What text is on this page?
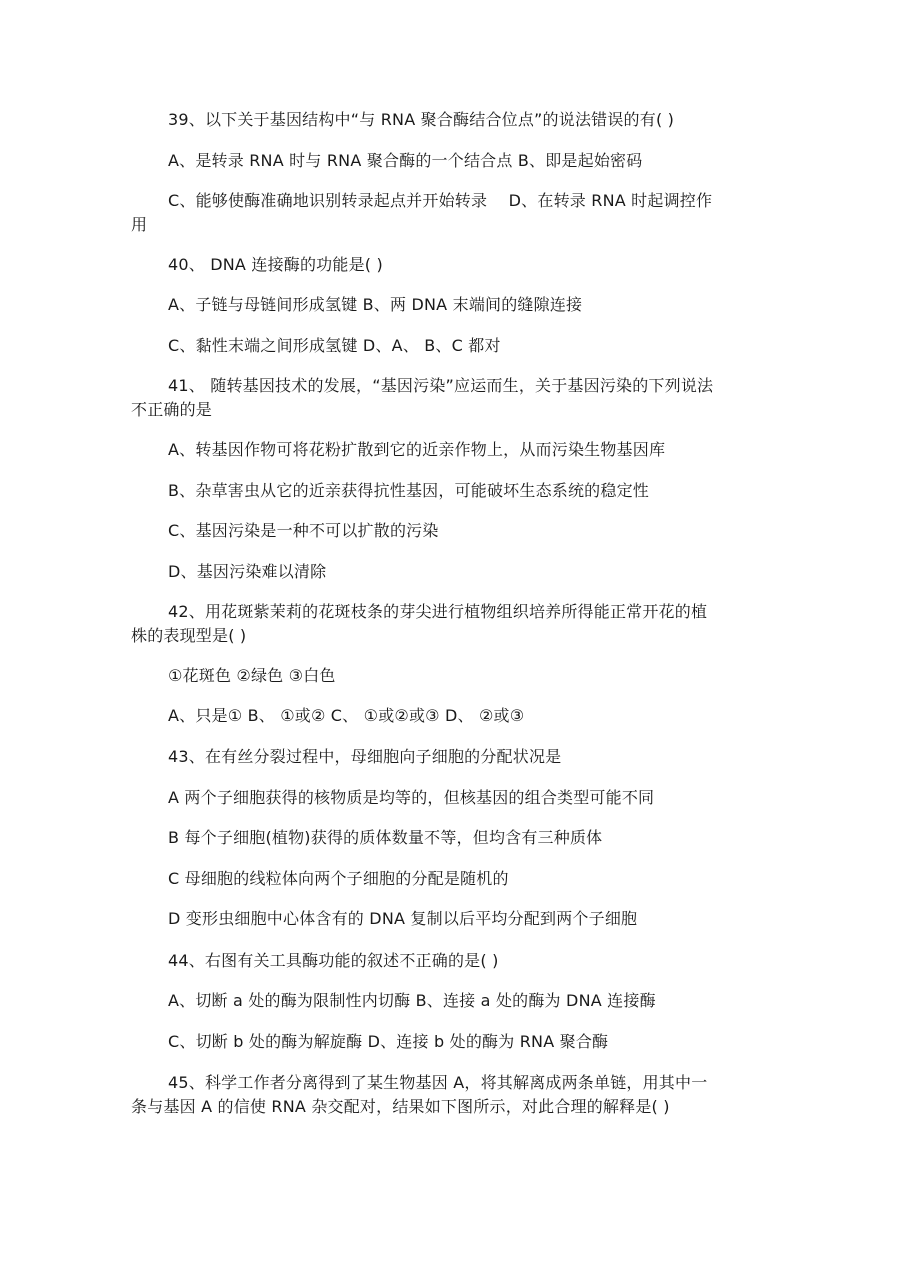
39、以下关于基因结构中“与 RNA 聚合酶结合位点”的说法错误的有( )

A、是转录 RNA 时与 RNA 聚合酶的一个结合点 B、即是起始密码

C、能够使酶准确地识别转录起点并开始转录　 D、在转录 RNA 时起调控作

用

40、 DNA 连接酶的功能是( )

A、子链与母链间形成氢键 B、两 DNA 末端间的缝隙连接

C、黏性末端之间形成氢键 D、A、 B、C 都对

41、 随转基因技术的发展，“基因污染”应运而生，关于基因污染的下列说法

不正确的是

A、转基因作物可将花粉扩散到它的近亲作物上，从而污染生物基因库

B、杂草害虫从它的近亲获得抗性基因，可能破坏生态系统的稳定性

C、基因污染是一种不可以扩散的污染

D、基因污染难以清除

42、用花斑紫茉莉的花斑枝条的芽尖进行植物组织培养所得能正常开花的植

株的表现型是( )

①花斑色 ②绿色 ③白色

A、只是① B、 ①或② C、 ①或②或③ D、 ②或③

43、在有丝分裂过程中，母细胞向子细胞的分配状况是

A 两个子细胞获得的核物质是均等的，但核基因的组合类型可能不同

B 每个子细胞(植物)获得的质体数量不等，但均含有三种质体

C 母细胞的线粒体向两个子细胞的分配是随机的

D 变形虫细胞中心体含有的 DNA 复制以后平均分配到两个子细胞

44、右图有关工具酶功能的叙述不正确的是( )

A、切断 a 处的酶为限制性内切酶 B、连接 a 处的酶为 DNA 连接酶

C、切断 b 处的酶为解旋酶 D、连接 b 处的酶为 RNA 聚合酶

45、科学工作者分离得到了某生物基因 A，将其解离成两条单链，用其中一

条与基因 A 的信使 RNA 杂交配对，结果如下图所示，对此合理的解释是( )
